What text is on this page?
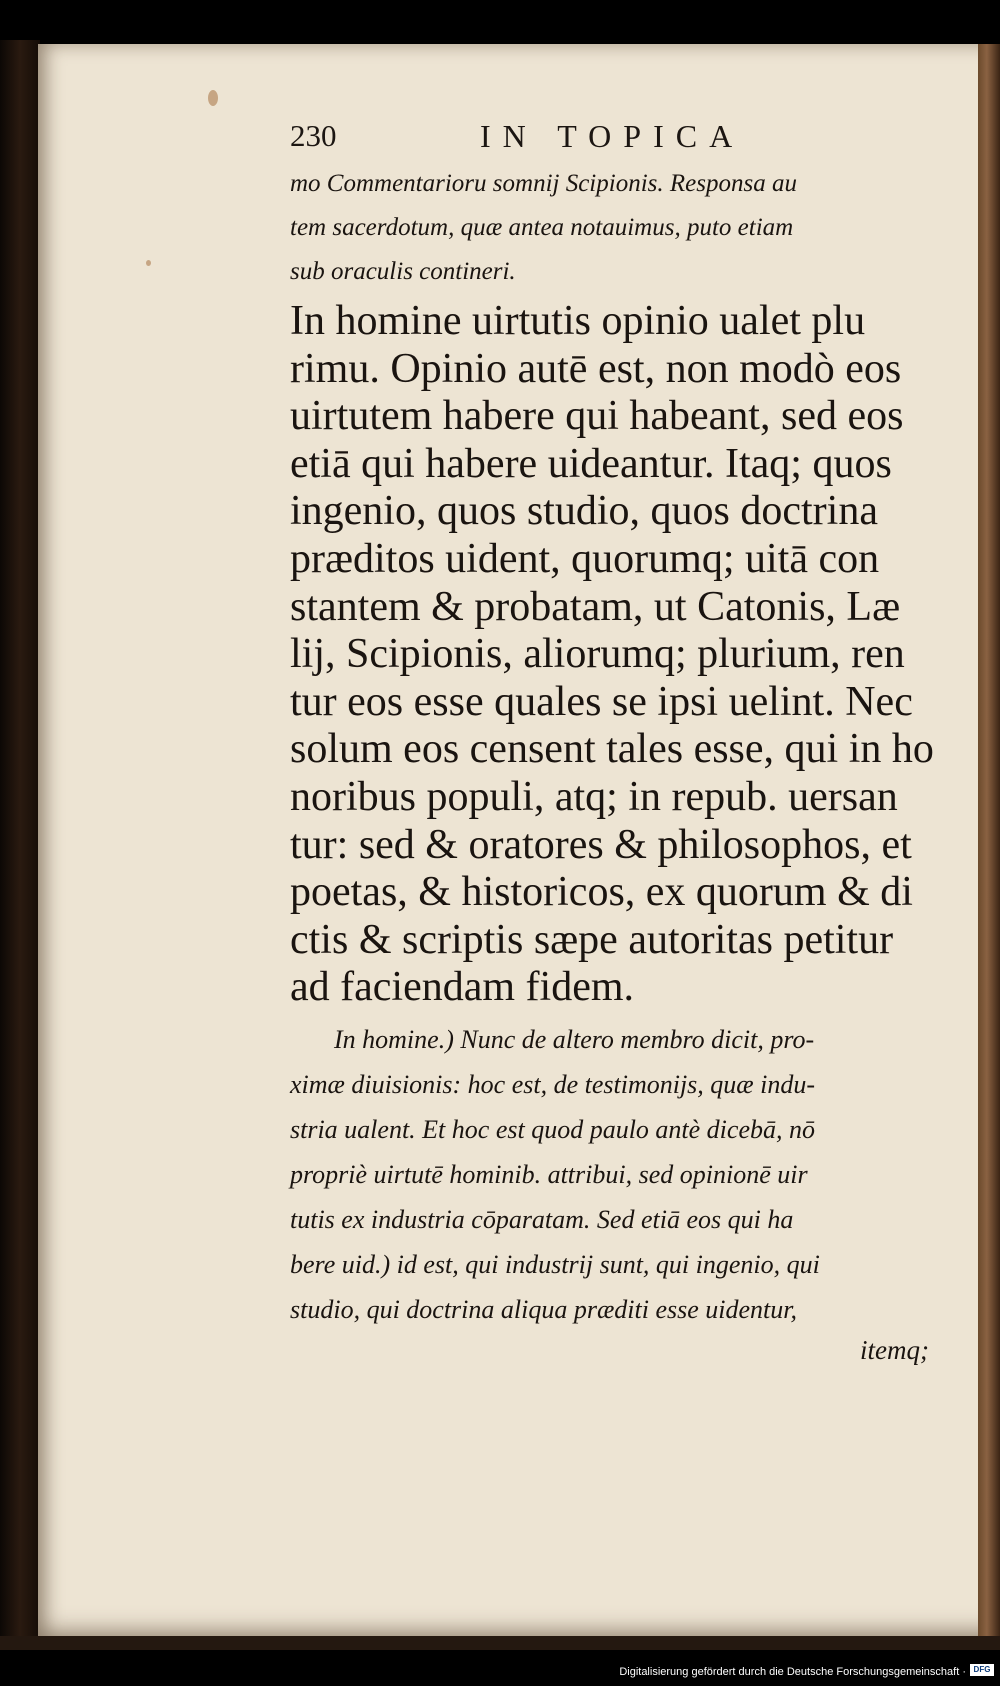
230	IN TOPICA
mo Commentarioru somnij Scipionis. Responsa au
tem sacerdotum, quæ antea notauimus, puto etiam
sub oraculis contineri.
In homine uirtutis opinio ualet plu
rimu. Opinio autē est, non modò eos
uirtutem habere qui habeant, sed eos
etiā qui habere uideantur. Itaq; quos
ingenio, quos studio, quos doctrina
præditos uident, quorumq; uitā con
stantem & probatam, ut Catonis, Læ
lij, Scipionis, aliorumq; plurium, ren
tur eos esse quales se ipsi uelint. Nec
solum eos censent tales esse, qui in ho
noribus populi, atq; in repub. uersan
tur: sed & oratores & philosophos, et
poetas, & historicos, ex quorum & di
ctis & scriptis sæpe autoritas petitur
ad faciendam fidem.
In homine.) Nunc de altero membro dicit, pro-
ximæ diuisionis: hoc est, de testimonijs, quæ indu-
stria ualent. Et hoc est quod paulo antè dicebā, nō
propriè uirtutē hominib. attribui, sed opinionē uir
tutis ex industria cōparatam. Sed etiā eos qui ha
bere uid.) id est, qui industrij sunt, qui ingenio, qui
studio, qui doctrina aliqua præditi esse uidentur,
itemq;
Digitalisierung gefördert durch die Deutsche Forschungsgemeinschaft · DFG
